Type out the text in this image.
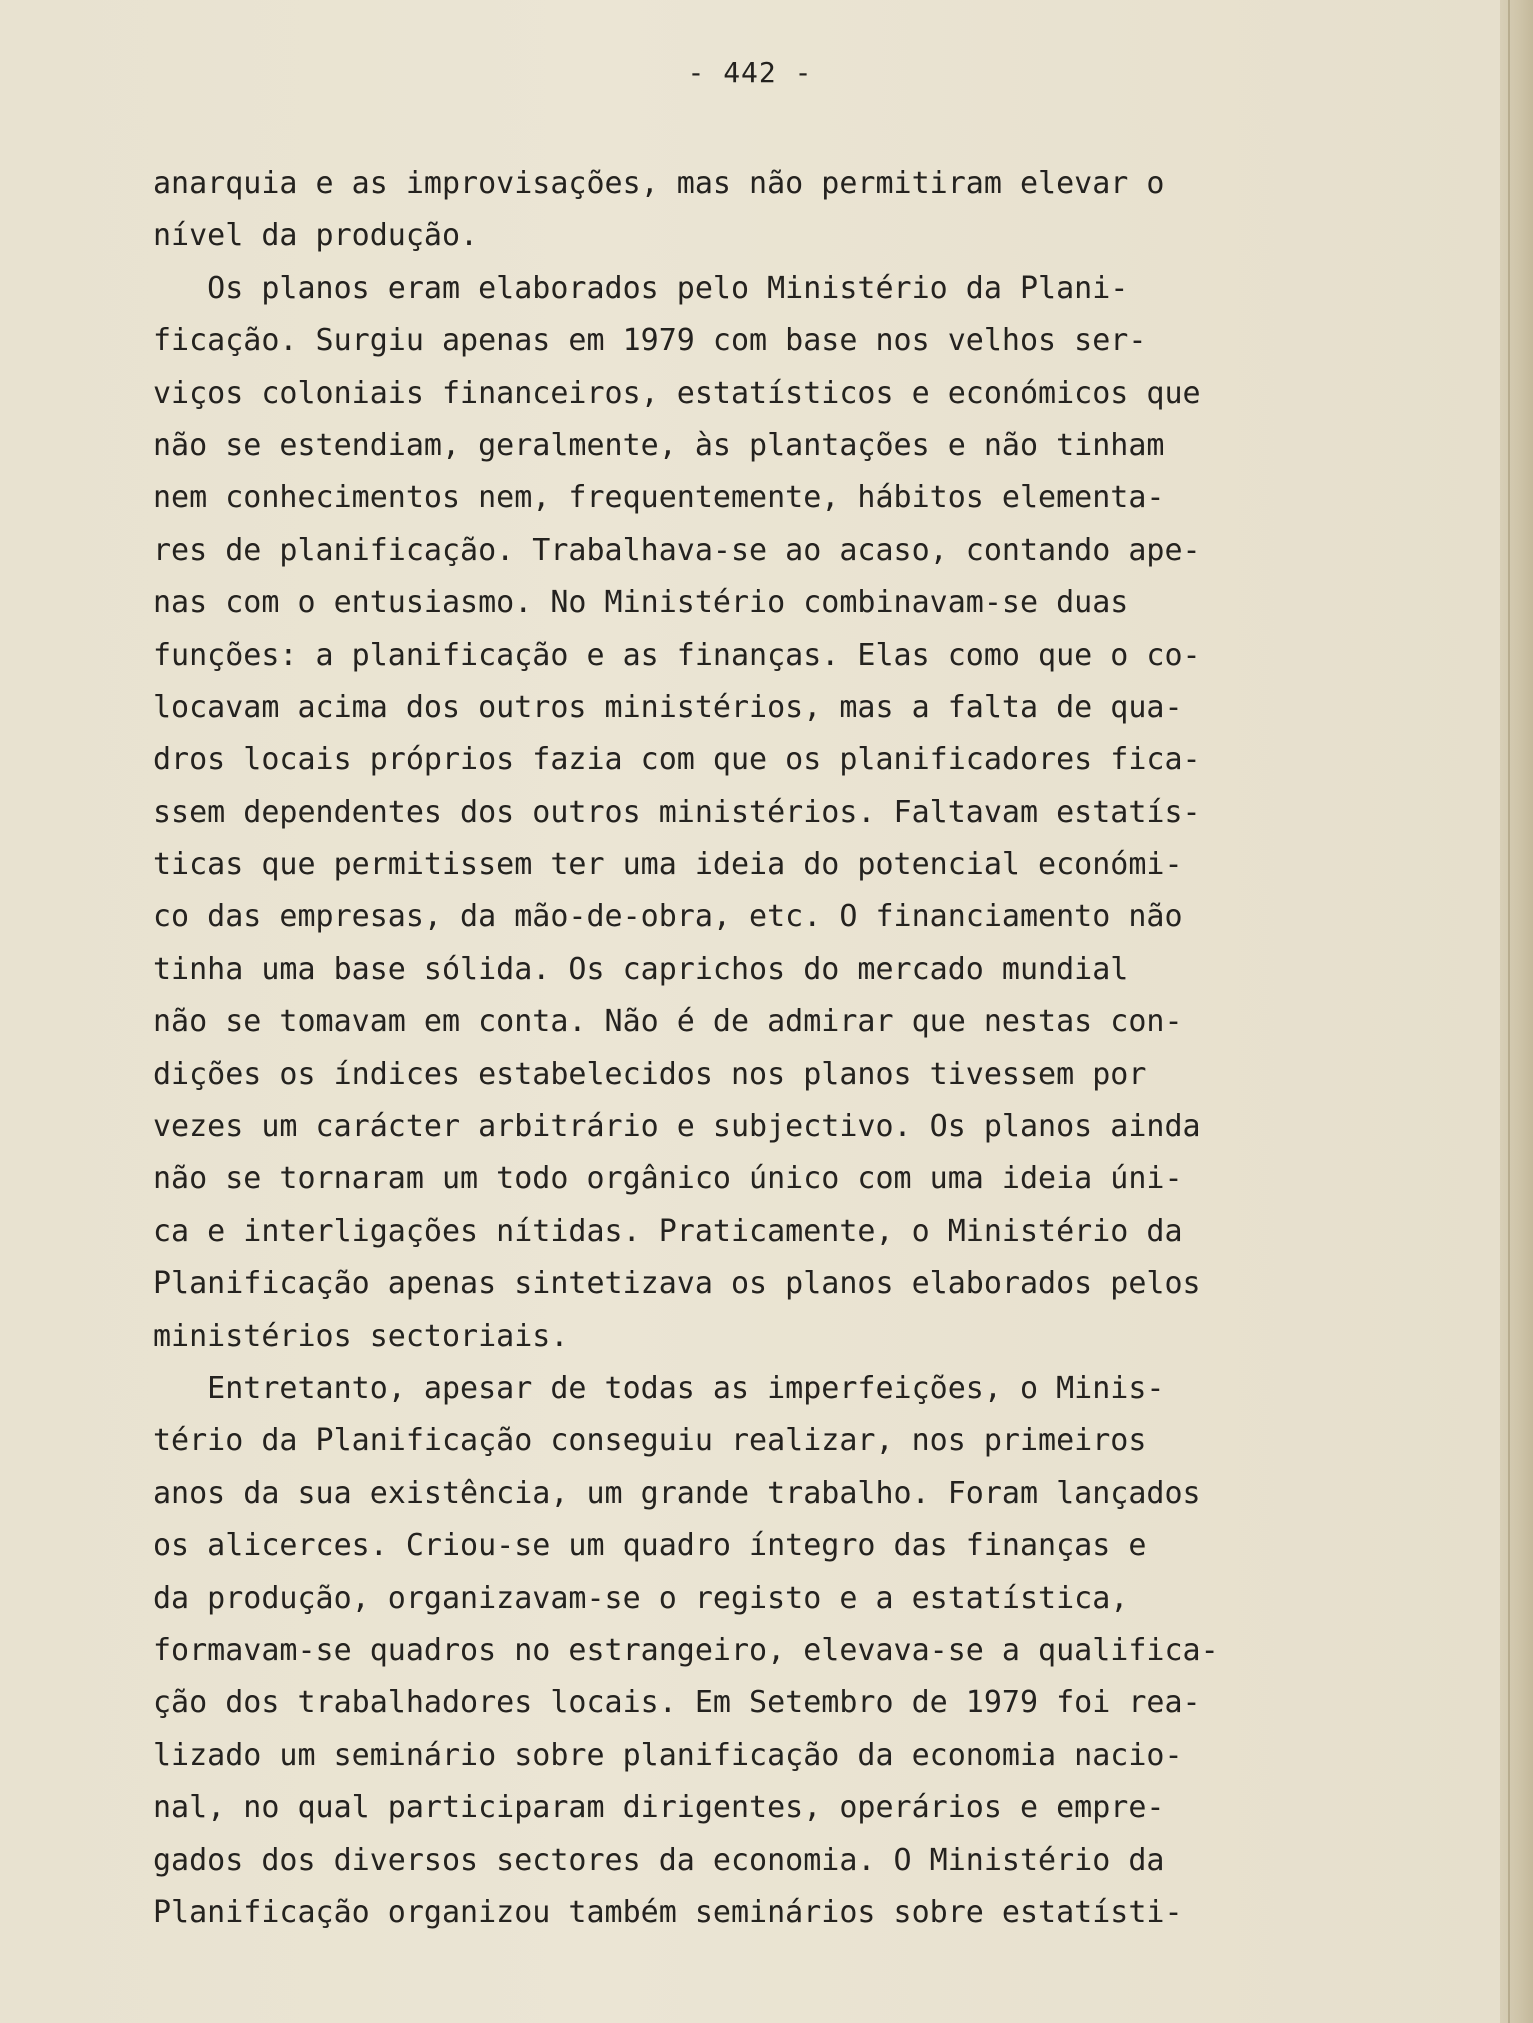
- 442 -

anarquia e as improvisações, mas não permitiram elevar o
nível da produção.
Os planos eram elaborados pelo Ministério da Plani-
ficação. Surgiu apenas em 1979 com base nos velhos ser-
viços coloniais financeiros, estatísticos e económicos que
não se estendiam, geralmente, às plantações e não tinham
nem conhecimentos nem, frequentemente, hábitos elementa-
res de planificação. Trabalhava-se ao acaso, contando ape-
nas com o entusiasmo. No Ministério combinavam-se duas
funções: a planificação e as finanças. Elas como que o co-
locavam acima dos outros ministérios, mas a falta de qua-
dros locais próprios fazia com que os planificadores fica-
ssem dependentes dos outros ministérios. Faltavam estatís-
ticas que permitissem ter uma ideia do potencial económi-
co das empresas, da mão-de-obra, etc. O financiamento não
tinha uma base sólida. Os caprichos do mercado mundial
não se tomavam em conta. Não é de admirar que nestas con-
dições os índices estabelecidos nos planos tivessem por
vezes um carácter arbitrário e subjectivo. Os planos ainda
não se tornaram um todo orgânico único com uma ideia úni-
ca e interligações nítidas. Praticamente, o Ministério da
Planificação apenas sintetizava os planos elaborados pelos
ministérios sectoriais.
Entretanto, apesar de todas as imperfeições, o Minis-
tério da Planificação conseguiu realizar, nos primeiros
anos da sua existência, um grande trabalho. Foram lançados
os alicerces. Criou-se um quadro íntegro das finanças e
da produção, organizavam-se o registo e a estatística,
formavam-se quadros no estrangeiro, elevava-se a qualifica-
ção dos trabalhadores locais. Em Setembro de 1979 foi rea-
lizado um seminário sobre planificação da economia nacio-
nal, no qual participaram dirigentes, operários e empre-
gados dos diversos sectores da economia. O Ministério da
Planificação organizou também seminários sobre estatísti-
